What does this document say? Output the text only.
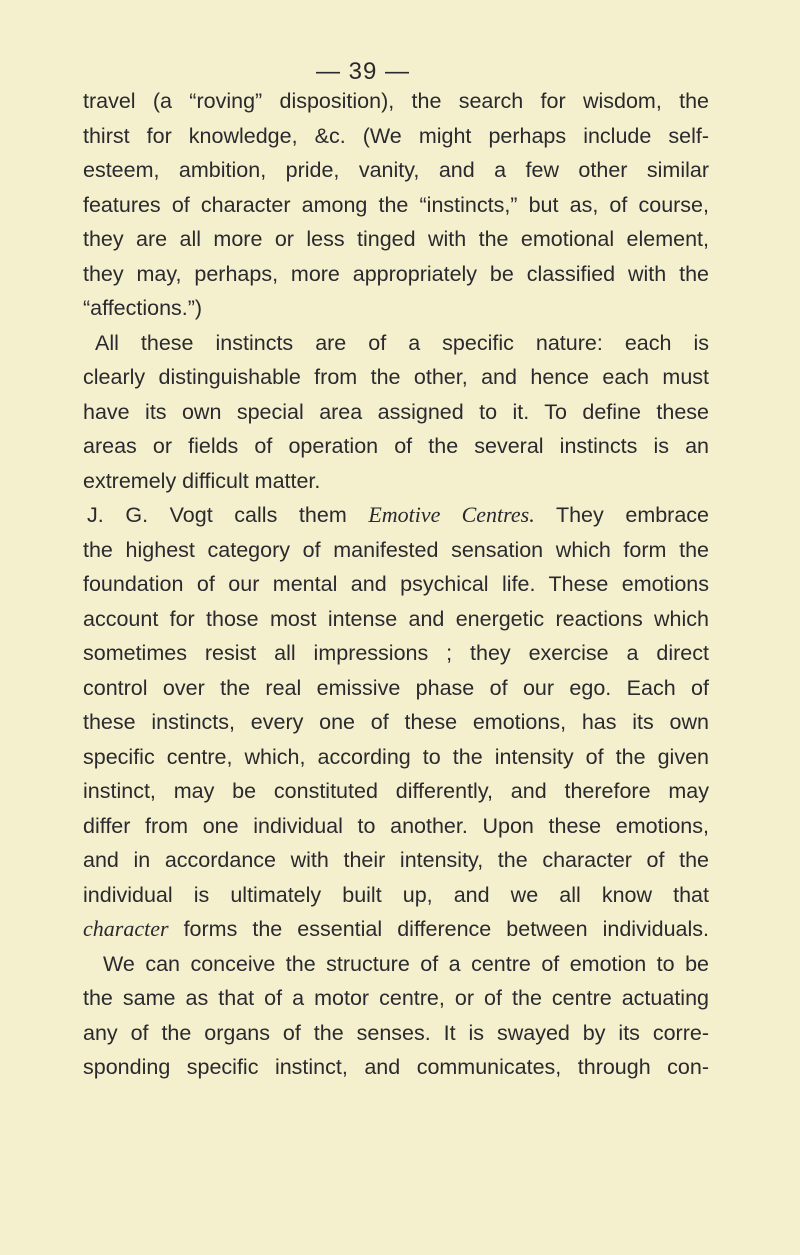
— 39 —
travel (a “roving” disposition), the search for wisdom, the
thirst for knowledge, &c. (We might perhaps include self-
esteem, ambition, pride, vanity, and a few other similar
features of character among the “instincts,” but as, of course,
they are all more or less tinged with the emotional element,
they may, perhaps, more appropriately be classified with the
“affections.”)
All these instincts are of a specific nature: each is
clearly distinguishable from the other, and hence each must
have its own special area assigned to it. To define these
areas or fields of operation of the several instincts is an
extremely difficult matter.
J. G. Vogt calls them Emotive Centres. They embrace
the highest category of manifested sensation which form the
foundation of our mental and psychical life. These emotions
account for those most intense and energetic reactions which
sometimes resist all impressions ; they exercise a direct
control over the real emissive phase of our ego. Each of
these instincts, every one of these emotions, has its own
specific centre, which, according to the intensity of the given
instinct, may be constituted differently, and therefore may
differ from one individual to another. Upon these emotions,
and in accordance with their intensity, the character of the
individual is ultimately built up, and we all know that
character forms the essential difference between individuals.
We can conceive the structure of a centre of emotion to be
the same as that of a motor centre, or of the centre actuating
any of the organs of the senses. It is swayed by its corre-
sponding specific instinct, and communicates, through con-
